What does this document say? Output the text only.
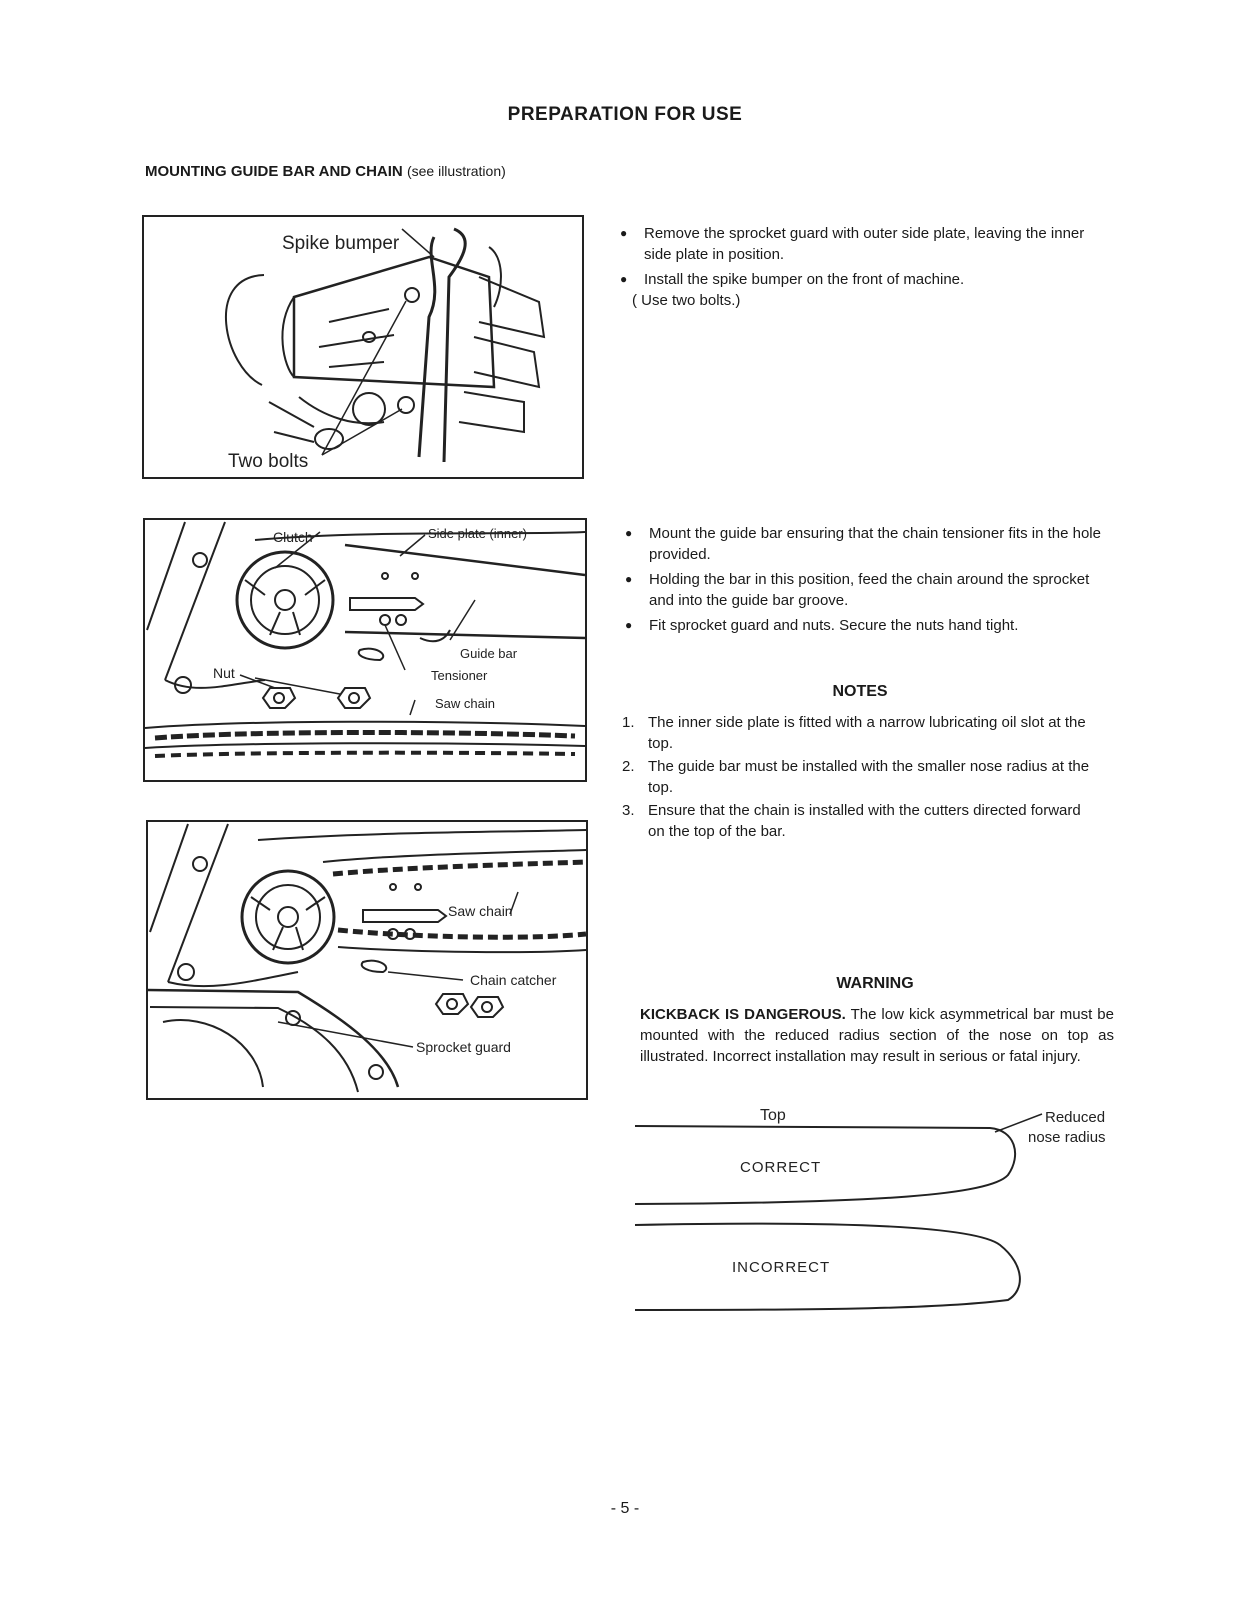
PREPARATION FOR USE
MOUNTING GUIDE BAR AND CHAIN (see illustration)
Spike bumper
Two bolts
Clutch	Side plate (inner)
Guide bar
Nut	Tensioner
Saw chain
Saw chain
Chain catcher
Sprocket guard
● Remove the sprocket guard with outer side plate, leaving the inner side plate in position.
● Install the spike bumper on the front of machine.
( Use two bolts.)
● Mount the guide bar ensuring that the chain tensioner fits in the hole provided.
● Holding the bar in this position, feed the chain around the sprocket and into the guide bar groove.
● Fit sprocket guard and nuts. Secure the nuts hand tight.
NOTES
1. The inner side plate is fitted with a narrow lubricating oil slot at the top.
2. The guide bar must be installed with the smaller nose radius at the top.
3. Ensure that the chain is installed with the cutters directed forward on the top of the bar.
WARNING
KICKBACK IS DANGEROUS. The low kick asymmetrical bar must be mounted with the reduced radius section of the nose on top as illustrated. Incorrect installation may result in serious or fatal injury.
Top	Reduced
nose radius
CORRECT
INCORRECT
- 5 -
